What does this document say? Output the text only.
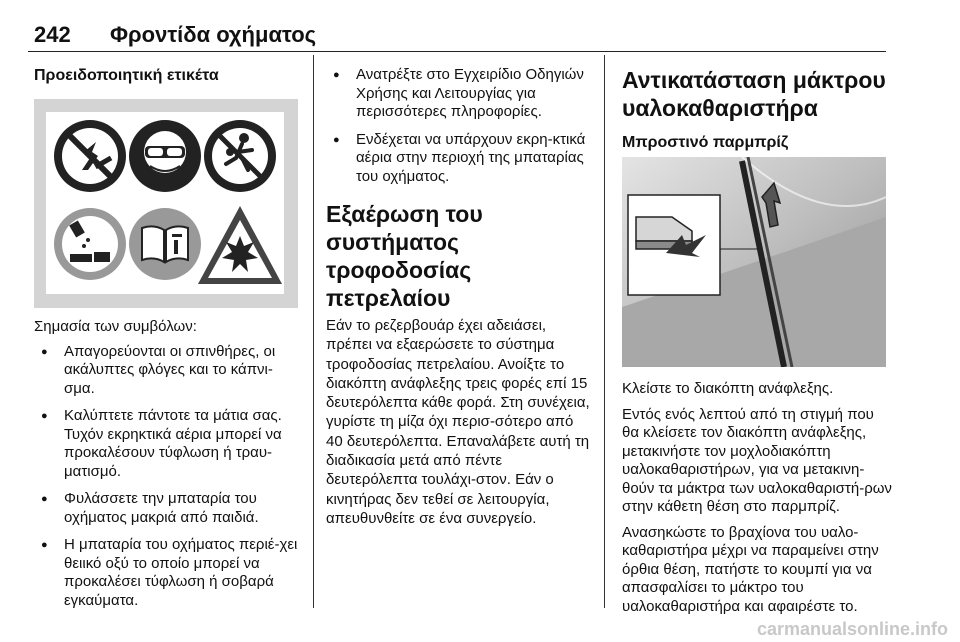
242 Φροντίδα οχήματος
Προειδοποιητική ετικέτα

Σημασία των συμβόλων:

● Απαγορεύονται οι σπινθήρες, οι ακάλυπτες φλόγες και το κάπνι-σμα.
● Καλύπτετε πάντοτε τα μάτια σας. Τυχόν εκρηκτικά αέρια μπορεί να προκαλέσουν τύφλωση ή τραυ-ματισμό.
● Φυλάσσετε την μπαταρία του οχήματος μακριά από παιδιά.
● Η μπαταρία του οχήματος περιέ-χει θειικό οξύ το οποίο μπορεί να προκαλέσει τύφλωση ή σοβαρά εγκαύματα.
● Ανατρέξτε στο Εγχειρίδιο Οδηγιών Χρήσης και Λειτουργίας για περισσότερες πληροφορίες.
● Ενδέχεται να υπάρχουν εκρη-κτικά αέρια στην περιοχή της μπαταρίας του οχήματος.
Εξαέρωση του συστήματος τροφοδοσίας πετρελαίου

Εάν το ρεζερβουάρ έχει αδειάσει, πρέπει να εξαερώσετε το σύστημα τροφοδοσίας πετρελαίου. Ανοίξτε το διακόπτη ανάφλεξης τρεις φορές επί 15 δευτερόλεπτα κάθε φορά. Στη συνέχεια, γυρίστε τη μίζα όχι περισ-σότερο από 40 δευτερόλεπτα. Επαναλάβετε αυτή τη διαδικασία μετά από πέντε δευτερόλεπτα τουλάχι-στον. Εάν ο κινητήρας δεν τεθεί σε λειτουργία, απευθυνθείτε σε ένα συνεργείο.

Αντικατάσταση μάκτρου υαλοκαθαριστήρα
Μπροστινό παρμπρίζ

Κλείστε το διακόπτη ανάφλεξης.

Εντός ενός λεπτού από τη στιγμή που θα κλείσετε τον διακόπτη ανάφλεξης, μετακινήστε τον μοχλοδιακόπτη υαλοκαθαριστήρων, για να μετακινη-θούν τα μάκτρα των υαλοκαθαριστή-ρων στην κάθετη θέση στο παρμπρίζ.

Ανασηκώστε το βραχίονα του υαλο-καθαριστήρα μέχρι να παραμείνει στην όρθια θέση, πατήστε το κουμπί για να απασφαλίσει το μάκτρο του υαλοκαθαριστήρα και αφαιρέστε το.

carmanualsonline.info
